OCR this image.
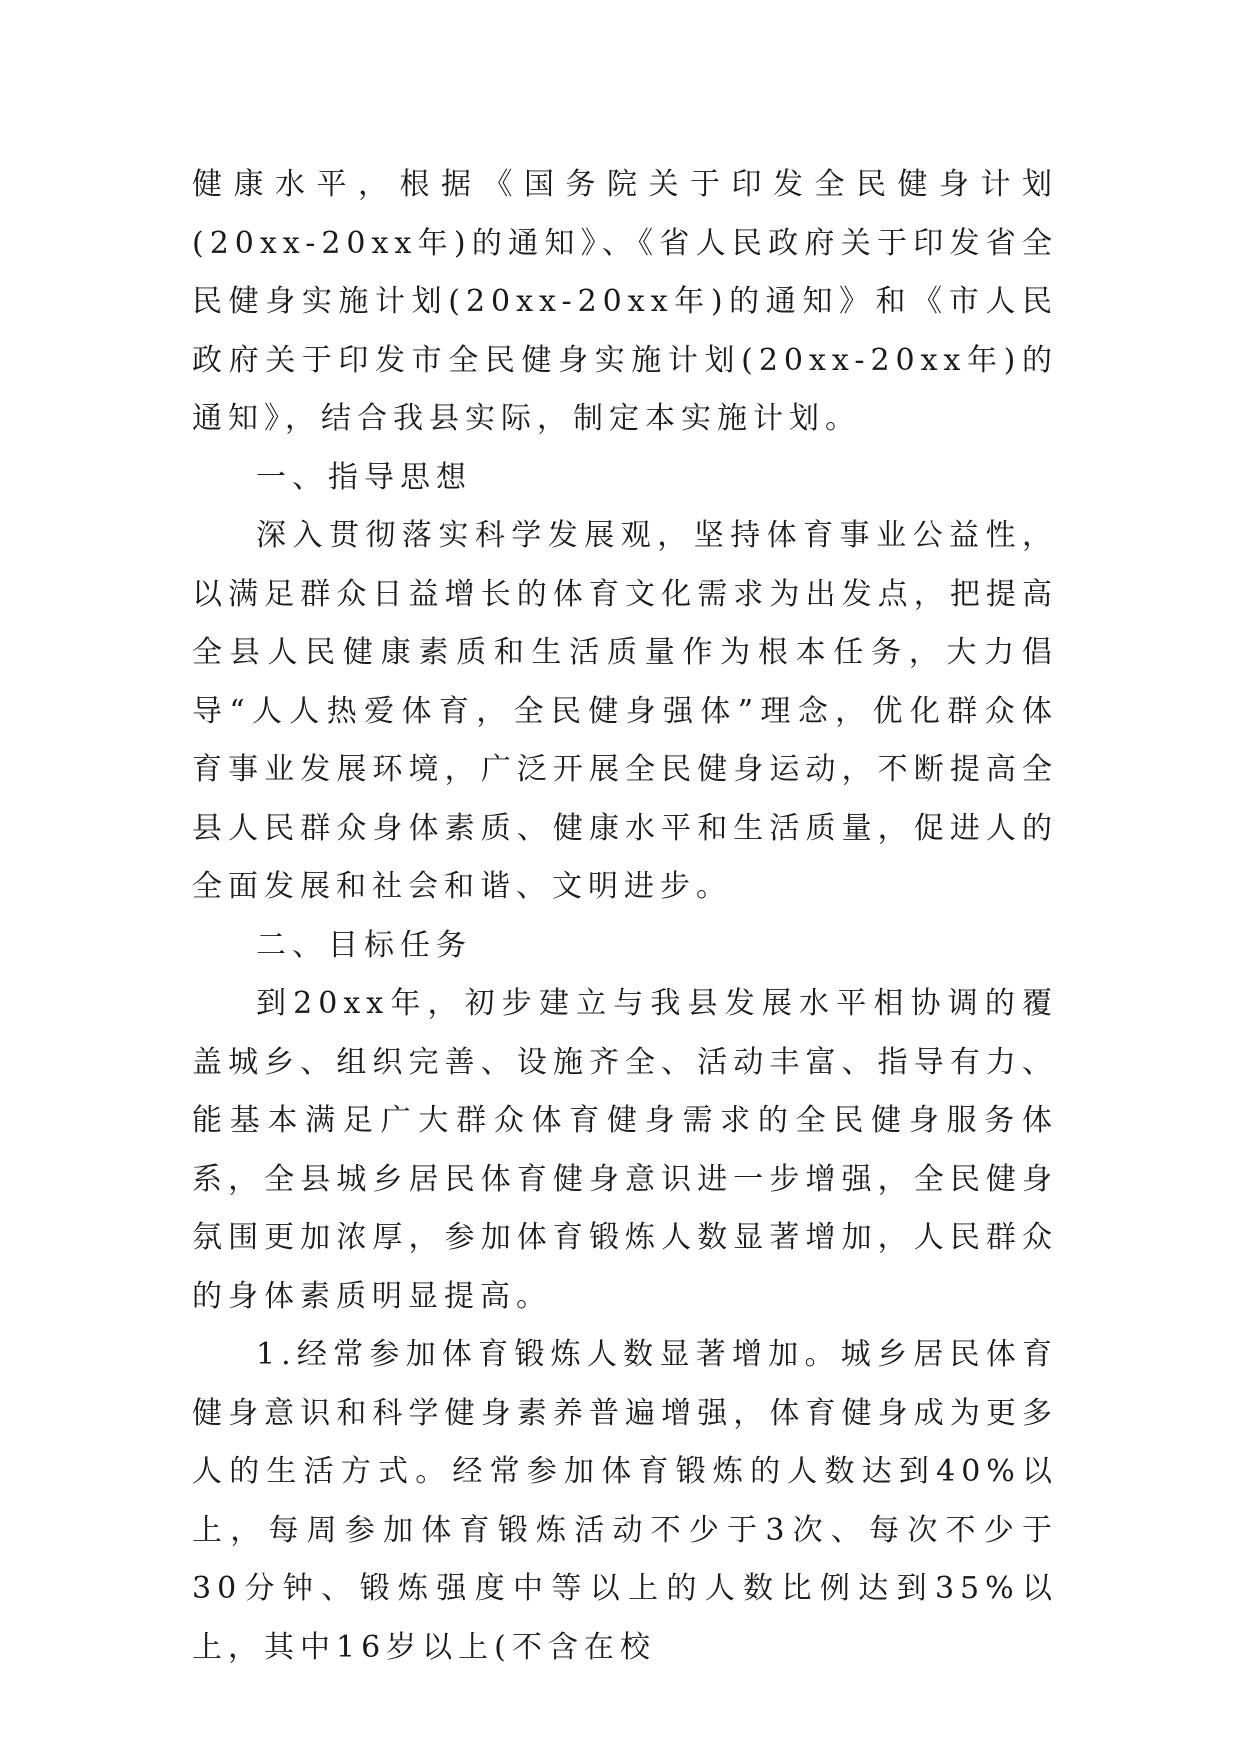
健康水平，根据《国务院关于印发全民健身计划(20xx-20xx年)的通知》、《省人民政府关于印发省全民健身实施计划(20xx-20xx年)的通知》和《市人民政府关于印发市全民健身实施计划(20xx-20xx年)的通知》，结合我县实际，制定本实施计划。

一、指导思想

深入贯彻落实科学发展观，坚持体育事业公益性，以满足群众日益增长的体育文化需求为出发点，把提高全县人民健康素质和生活质量作为根本任务，大力倡导“人人热爱体育，全民健身强体”理念，优化群众体育事业发展环境，广泛开展全民健身运动，不断提高全县人民群众身体素质、健康水平和生活质量，促进人的全面发展和社会和谐、文明进步。

二、目标任务

到20xx年，初步建立与我县发展水平相协调的覆盖城乡、组织完善、设施齐全、活动丰富、指导有力、能基本满足广大群众体育健身需求的全民健身服务体系，全县城乡居民体育健身意识进一步增强，全民健身氛围更加浓厚，参加体育锻炼人数显著增加，人民群众的身体素质明显提高。

1.经常参加体育锻炼人数显著增加。城乡居民体育健身意识和科学健身素养普遍增强，体育健身成为更多人的生活方式。经常参加体育锻炼的人数达到40%以上，每周参加体育锻炼活动不少于3次、每次不少于30分钟、锻炼强度中等以上的人数比例达到35%以上，其中16岁以上(不含在校
